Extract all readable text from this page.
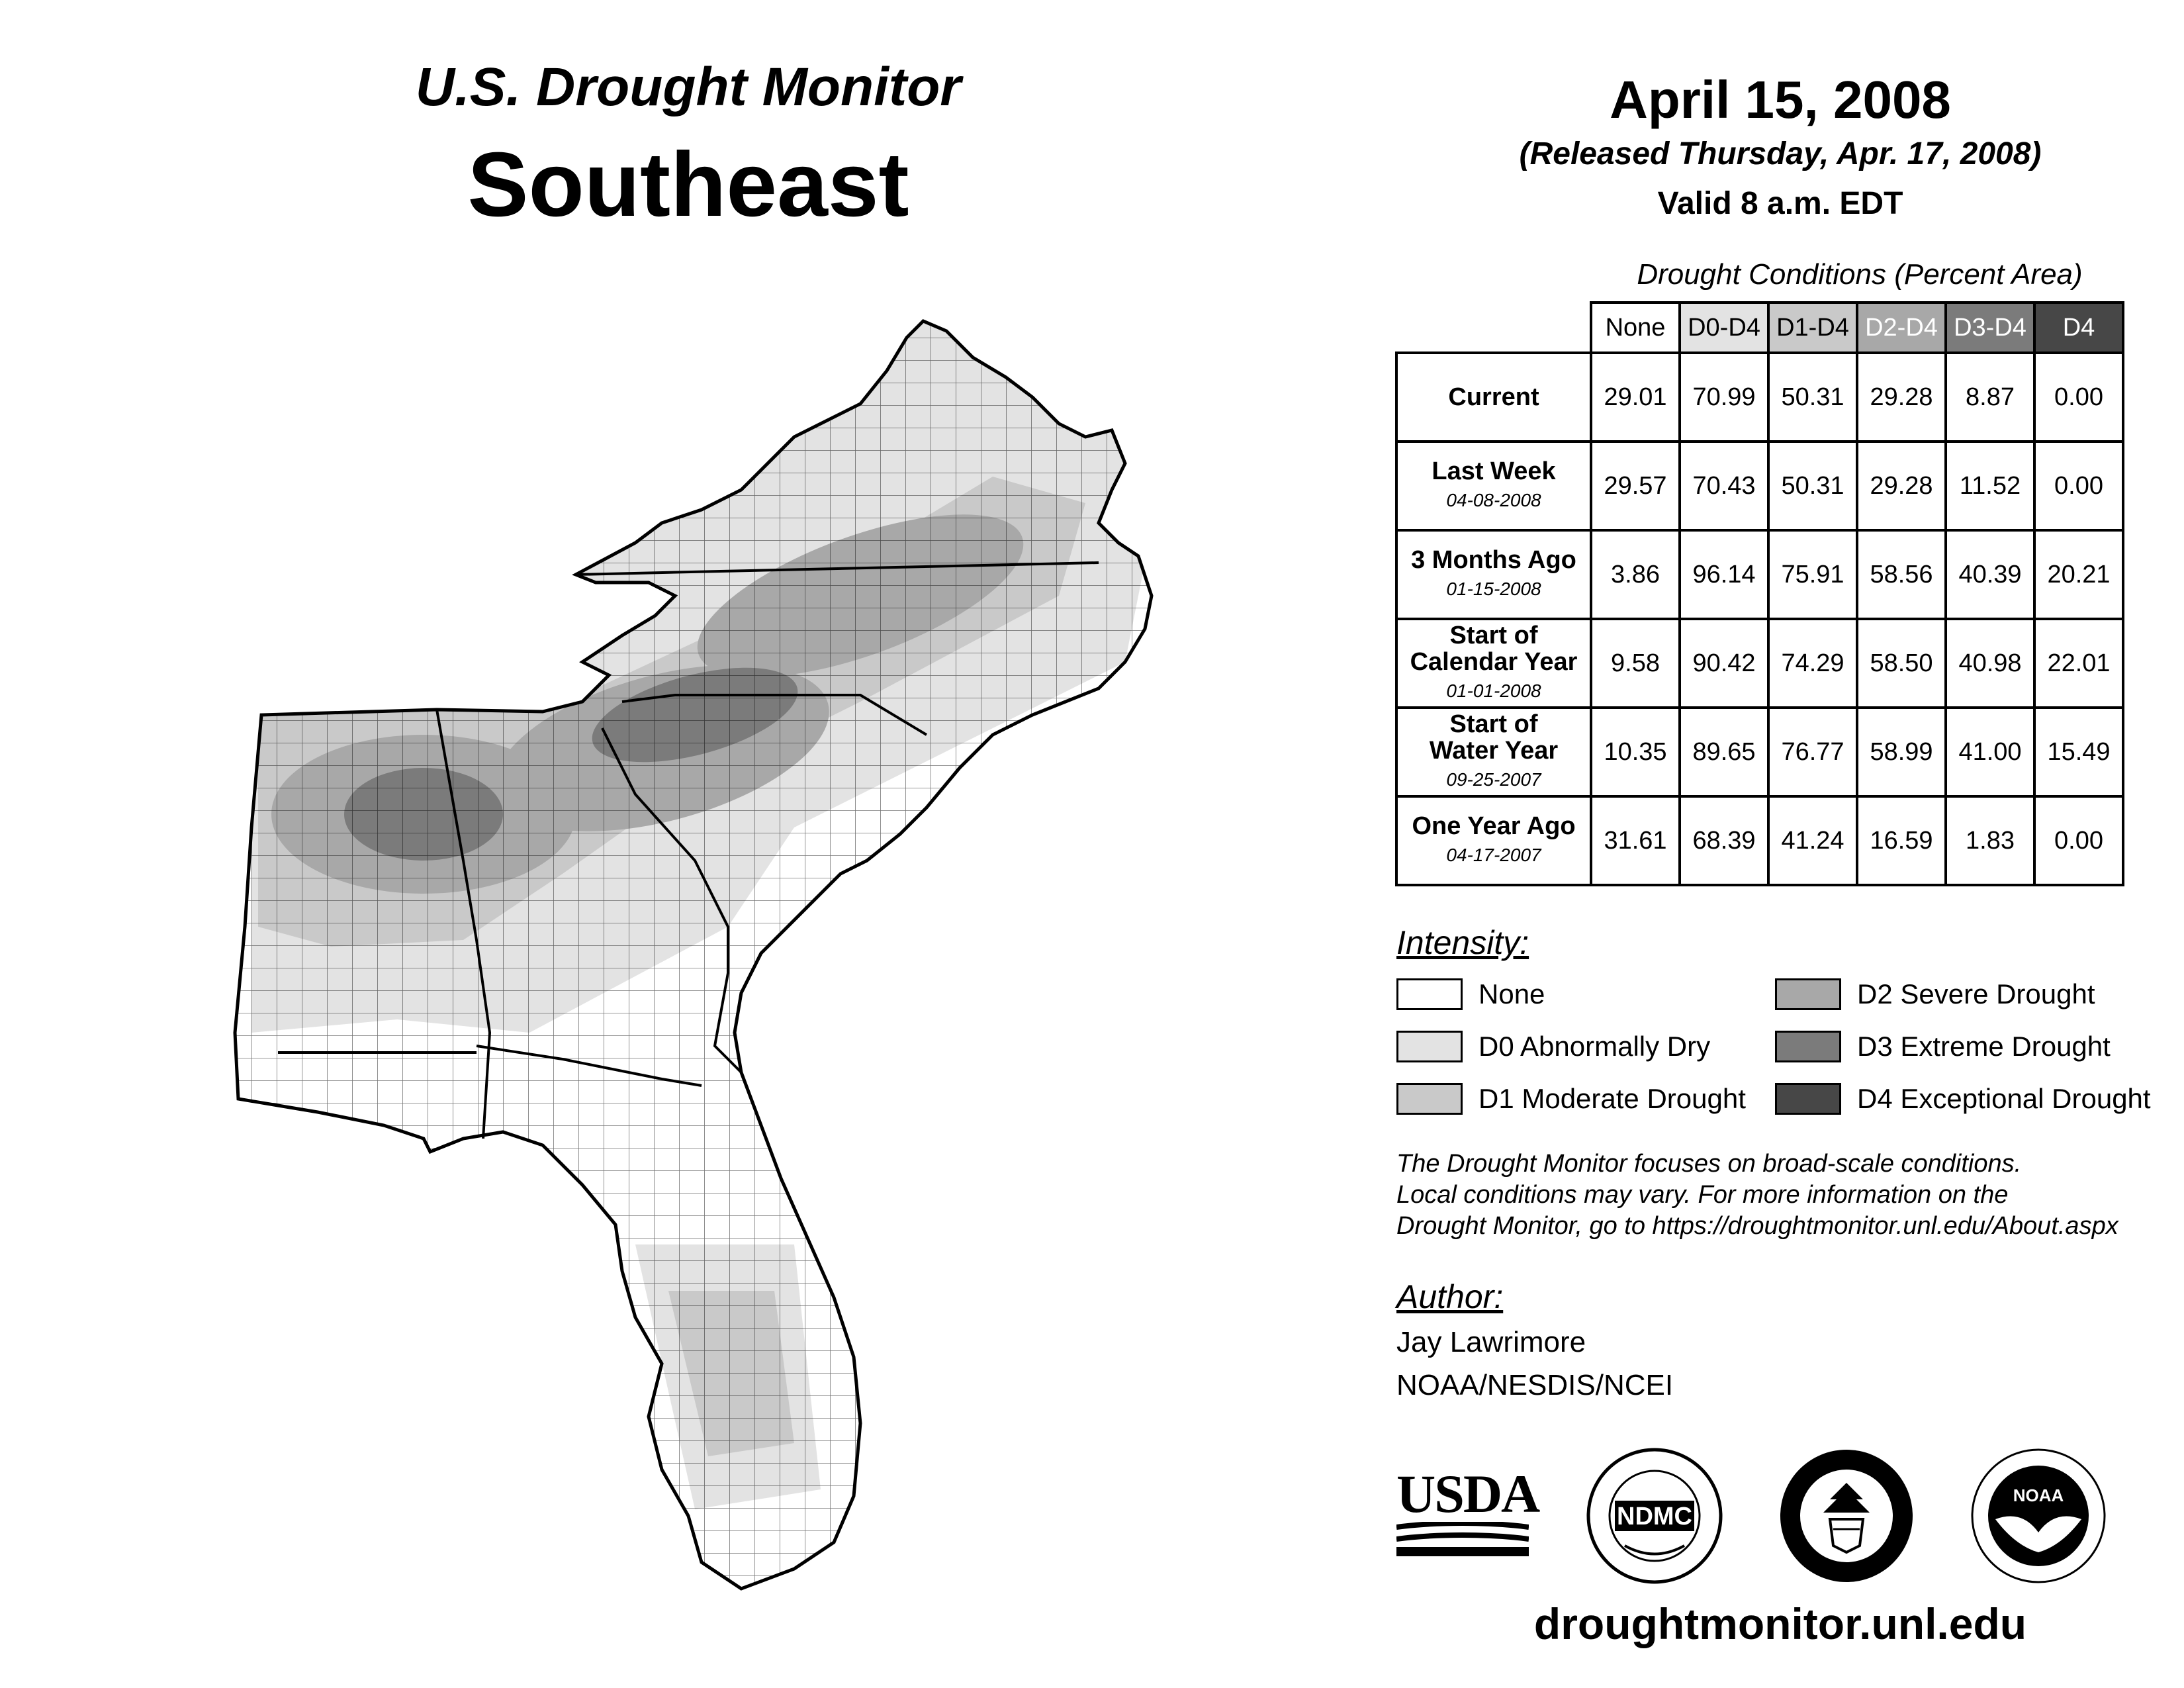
U.S. Drought Monitor
Southeast
April 15, 2008
(Released Thursday, Apr. 17, 2008)
Valid 8 a.m. EDT
Drought Conditions (Percent Area)
	None	D0-D4	D1-D4	D2-D4	D3-D4	D4
Current	29.01	70.99	50.31	29.28	8.87	0.00
Last Week
04-08-2008	29.57	70.43	50.31	29.28	11.52	0.00
3 Months Ago
01-15-2008	3.86	96.14	75.91	58.56	40.39	20.21
Start of
Calendar Year
01-01-2008	9.58	90.42	74.29	58.50	40.98	22.01
Start of
Water Year
09-25-2007	10.35	89.65	76.77	58.99	41.00	15.49
One Year Ago
04-17-2007	31.61	68.39	41.24	16.59	1.83	0.00
Intensity:
None
D0 Abnormally Dry
D1 Moderate Drought
D2 Severe Drought
D3 Extreme Drought
D4 Exceptional Drought
The Drought Monitor focuses on broad-scale conditions.
Local conditions may vary. For more information on the
Drought Monitor, go to https://droughtmonitor.unl.edu/About.aspx
Author:
Jay Lawrimore
NOAA/NESDIS/NCEI
USDA	NDMC
NOAA
droughtmonitor.unl.edu
